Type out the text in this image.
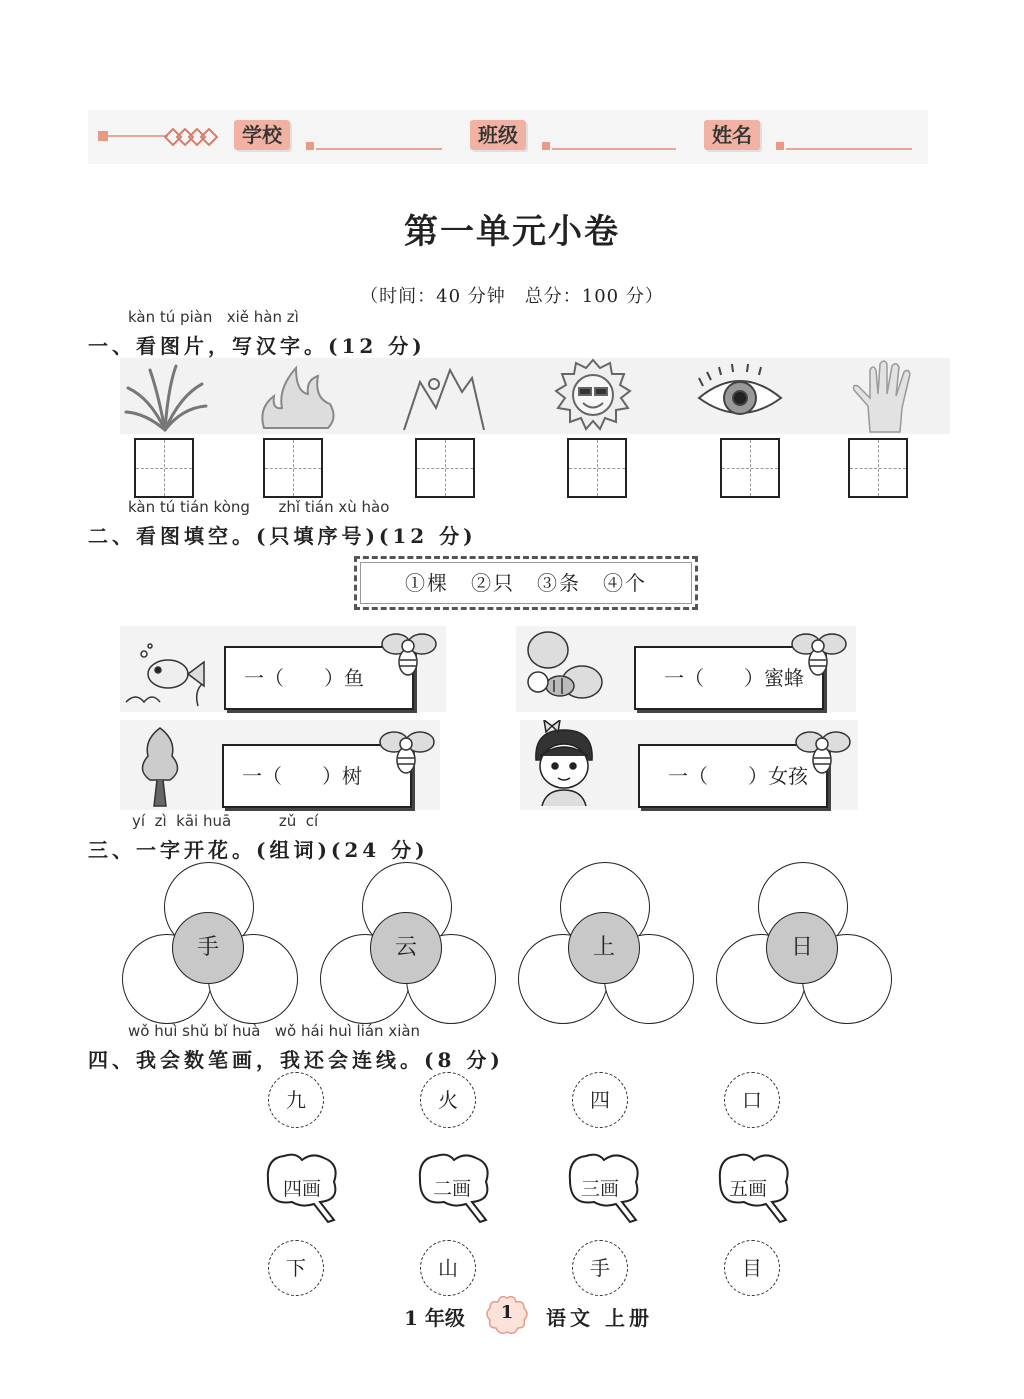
学校	班级	姓名
第一单元小卷
（时间：40 分钟　总分：100 分）
kàn tú piàn   xiě hàn zì
一、看图片，写汉字。(12 分)
kàn tú tián kòng      zhǐ tián xù hào
二、看图填空。(只填序号)(12 分)
①棵　②只　③条　④个
一（　　）鱼	一（　　）蜜蜂
一（　　）树	一（　　）女孩
yí  zì  kāi huā          zǔ  cí
三、一字开花。(组词)(24 分)
手	云	上	日
wǒ huì shǔ bǐ huà   wǒ hái huì lián xiàn
四、我会数笔画，我还会连线。(8 分)
九	火	四	口
四画	二画	三画	五画
下	山	手	目
1 年级	1	语文 上册
